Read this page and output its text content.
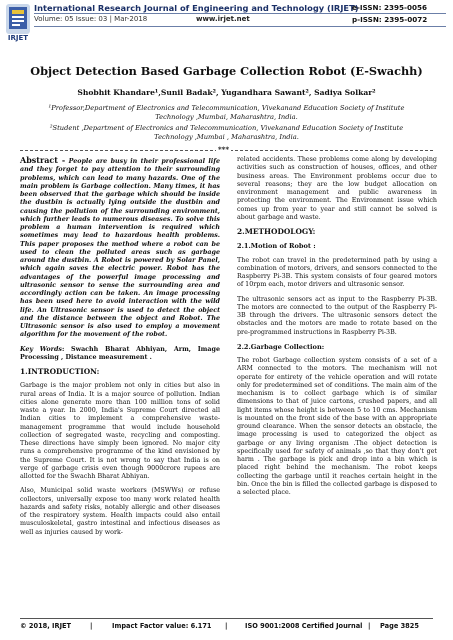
IRJET
International Research Journal of Engineering and Technology (IRJET)
Volume: 05 Issue: 03 | Mar-2018	www.irjet.net
e-ISSN: 2395-0056
p-ISSN: 2395-0072
Object Detection Based Garbage Collection Robot (E-Swachh)
Shobhit Khandare¹,Sunil Badak², Yugandhara Sawant², Sadiya Solkar²
¹Professor,Department of Electronics and Telecommunication, Vivekanand Education Society of Institute
Technology ,Mumbai, Maharashtra, India.
²Student ,Department of Electronics and Telecommunication, Vivekanand Education Society of Institute
Technology ,Mumbai , Maharashtra, India.
***

Abstract - People are busy in their professional life and they forget to pay attention to their surrounding problems, which can lead to many hazards. One of the main problem is Garbage collection. Many times, it has been observed that the garbage which should be inside the dustbin is actually lying outside the dustbin and causing the pollution of the surrounding environment, which further leads to numerous diseases. To solve this problem a human intervention is required which sometimes may lead to hazardous health problems. This paper proposes the method where a robot can be used to clean the polluted areas such as garbage around the dustbin. A Robot is powered by Solar Panel, which again saves the electric power. Robot has the advantages of the powerful image processing and ultrasonic sensor to sense the surrounding area and accordingly action can be taken. An image processing has been used here to avoid interaction with the wild life. An Ultrasonic sensor is used to detect the object and the distance between the object and Robot. The Ultrasonic sensor is also used to employ a movement algorithm for the movement of the robot.

Key Words: Swachh Bharat Abhiyan, Arm, Image Processing , Distance measurement .

1.INTRODUCTION:

Garbage is the major problem not only in cities but also in rural areas of India. It is a major source of pollution. Indian cities alone generate more than 100 million tons of solid waste a year. In 2000, India's Supreme Court directed all Indian cities to implement a comprehensive waste-management programme that would include household collection of segregated waste, recycling and composting. These directions have simply been ignored. No major city runs a comprehensive programme of the kind envisioned by the Supreme Court. It is not wrong to say that India is on verge of garbage crisis even though 9000crore rupees are allotted for the Swachh Bharat Abhiyan.

Also, Municipal solid waste workers (MSWWs) or refuse collectors, universally expose too many work related health hazards and safety risks, notably allergic and other diseases of the respiratory system. Health impacts could also entail musculoskeletal, gastro intestinal and infectious diseases as well as injuries caused by work-

related accidents. These problems come along by developing activities such as construction of houses, offices, and other business areas. The Environment problems occur due to several reasons; they are the low budget allocation on environment management and public awareness in protecting the environment. The Environment issue which comes up from year to year and still cannot be solved is about garbage and waste.

2.METHODOLOGY:
2.1.Motion of Robot :

The robot can travel in the predetermined path by using a combination of motors, drivers, and sensors connected to the Raspberry Pi-3B. This system consists of four geared motors of 10rpm each, motor drivers and ultrasonic sensor.

The ultrasonic sensors act as input to the Raspberry Pi-3B. The motors are connected to the output of the Raspberry Pi-3B through the drivers. The ultrasonic sensors detect the obstacles and the motors are made to rotate based on the pre-programmed instructions in Raspberry Pi-3B.

2.2.Garbage Collection:

The robot Garbage collection system consists of a set of a ARM connected to the motors. The mechanism will not operate for entirety of the vehicle operation and will rotate only for predetermined set of conditions. The main aim of the mechanism is to collect garbage which is of similar dimensions to that of juice cartons, crushed papers, and all light items whose height is between 5 to 10 cms. Mechanism is mounted on the front side of the base with an appropriate ground clearance. When the sensor detects an obstacle, the image processing is used to categorized the object as garbage or any living organism .The object detection is specifically used for safety of animals ,so that they don't get harm . The garbage is pick and drop into a bin which is placed right behind the mechanism. The robot keeps collecting the garbage until it reaches certain height in the bin. Once the bin is filled the collected garbage is disposed to a selected place.

© 2018, IRJET	|	Impact Factor value: 6.171 |	ISO 9001:2008 Certified Journal | Page 3825
